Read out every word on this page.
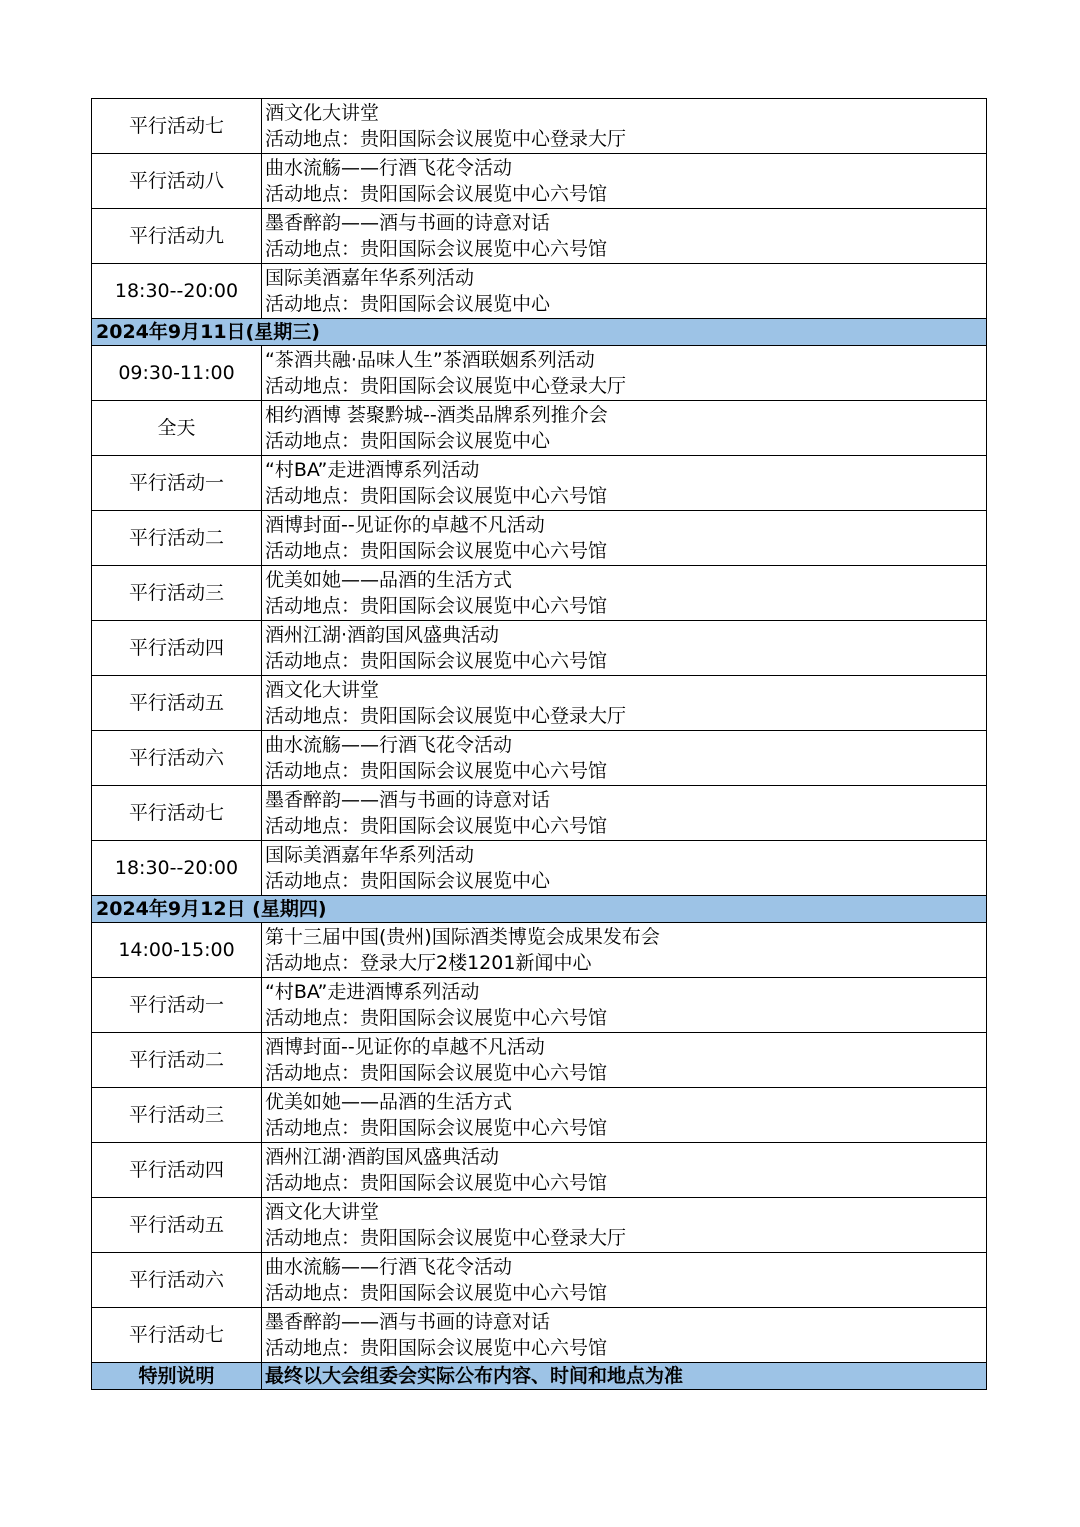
平行活动七	酒文化大讲堂
活动地点：贵阳国际会议展览中心登录大厅

平行活动八	曲水流觞——行酒飞花令活动
活动地点：贵阳国际会议展览中心六号馆

平行活动九	墨香醉韵——酒与书画的诗意对话
活动地点：贵阳国际会议展览中心六号馆

18:30--20:00	国际美酒嘉年华系列活动
活动地点：贵阳国际会议展览中心

2024年9月11日(星期三)	
09:30-11:00	“茶酒共融·品味人生”茶酒联姻系列活动
活动地点：贵阳国际会议展览中心登录大厅

全天	相约酒博 荟聚黔城--酒类品牌系列推介会
活动地点：贵阳国际会议展览中心

平行活动一	“村BA”走进酒博系列活动
活动地点：贵阳国际会议展览中心六号馆

平行活动二	酒博封面--见证你的卓越不凡活动
活动地点：贵阳国际会议展览中心六号馆

平行活动三	优美如她——品酒的生活方式
活动地点：贵阳国际会议展览中心六号馆

平行活动四	酒州江湖·酒韵国风盛典活动
活动地点：贵阳国际会议展览中心六号馆

平行活动五	酒文化大讲堂
活动地点：贵阳国际会议展览中心登录大厅

平行活动六	曲水流觞——行酒飞花令活动
活动地点：贵阳国际会议展览中心六号馆

平行活动七	墨香醉韵——酒与书画的诗意对话
活动地点：贵阳国际会议展览中心六号馆

18:30--20:00	国际美酒嘉年华系列活动
活动地点：贵阳国际会议展览中心

2024年9月12日 (星期四)	
14:00-15:00	第十三届中国(贵州)国际酒类博览会成果发布会
活动地点：登录大厅2楼1201新闻中心

平行活动一	“村BA”走进酒博系列活动
活动地点：贵阳国际会议展览中心六号馆

平行活动二	酒博封面--见证你的卓越不凡活动
活动地点：贵阳国际会议展览中心六号馆

平行活动三	优美如她——品酒的生活方式
活动地点：贵阳国际会议展览中心六号馆

平行活动四	酒州江湖·酒韵国风盛典活动
活动地点：贵阳国际会议展览中心六号馆

平行活动五	酒文化大讲堂
活动地点：贵阳国际会议展览中心登录大厅

平行活动六	曲水流觞——行酒飞花令活动
活动地点：贵阳国际会议展览中心六号馆

平行活动七	墨香醉韵——酒与书画的诗意对话
活动地点：贵阳国际会议展览中心六号馆

特别说明	最终以大会组委会实际公布内容、时间和地点为准
